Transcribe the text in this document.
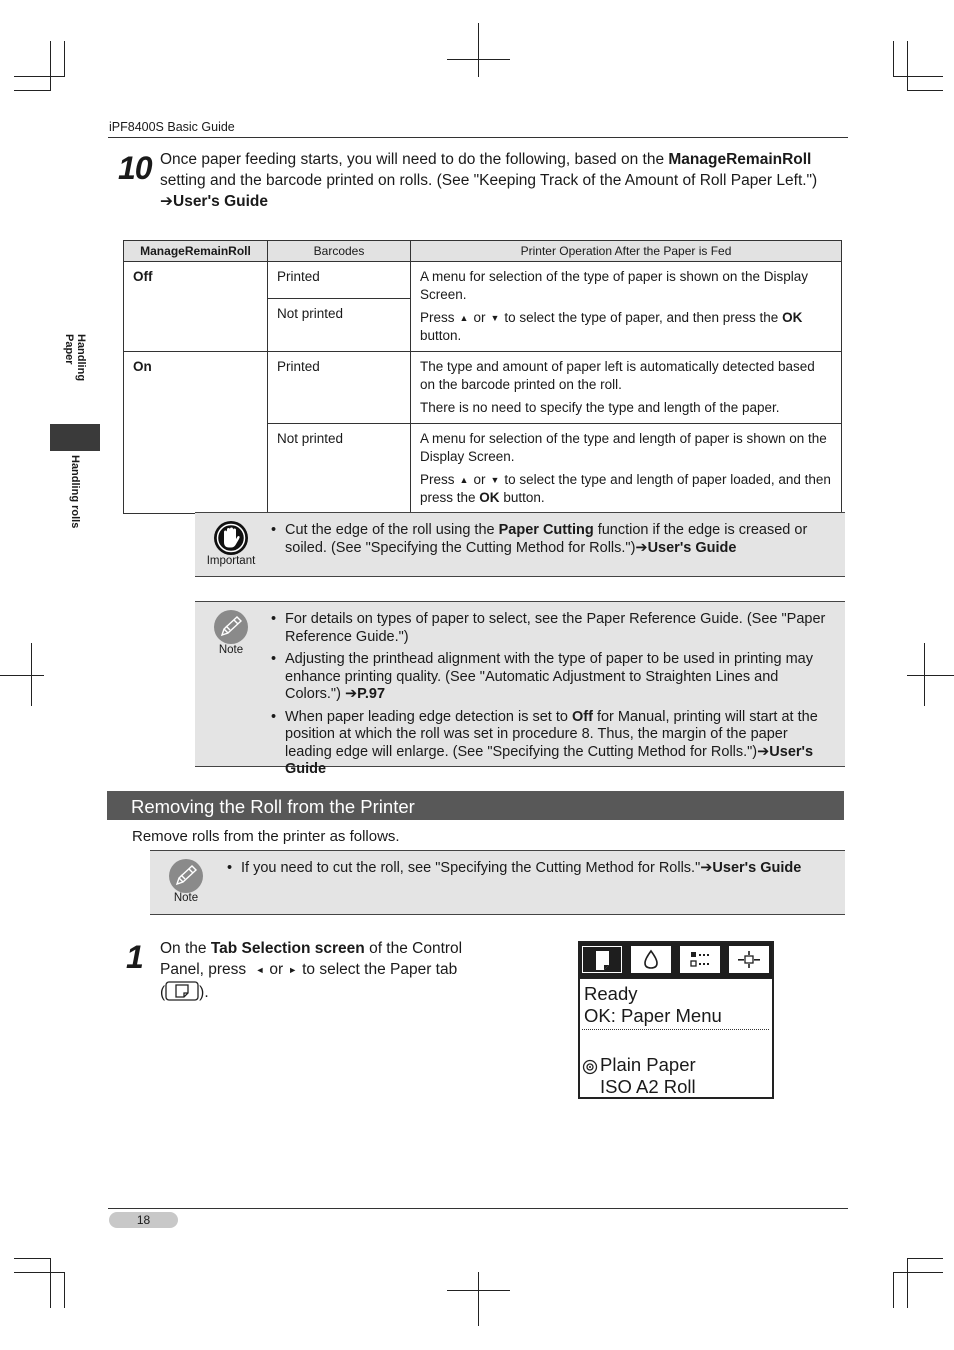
iPF8400S Basic Guide
Handling Paper
Handling rolls
10 Once paper feeding starts, you will need to do the following, based on the ManageRemainRoll setting and the barcode printed on rolls. (See "Keeping Track of the Amount of Roll Paper Left.")
➔User's Guide
ManageRemainRoll	Barcodes	Printer Operation After the Paper is Fed
Off	Printed	A menu for selection of the type of paper is shown on the Display Screen.

Press ▲ or ▼ to select the type of paper, and then press the OK button.

	Not printed	
On	Printed	The type and amount of paper left is automatically detected based on the barcode printed on the roll.

There is no need to specify the type and length of the paper.

	Not printed	A menu for selection of the type and length of paper is shown on the Display Screen.

Press ▲ or ▼ to select the type and length of paper loaded, and then press the OK button.

Important
• Cut the edge of the roll using the Paper Cutting function if the edge is creased or soiled. (See "Specifying the Cutting Method for Rolls.")➔User's Guide
Note
• For details on types of paper to select, see the Paper Reference Guide. (See "Paper Reference Guide.")
• Adjusting the printhead alignment with the type of paper to be used in printing may enhance printing quality. (See "Automatic Adjustment to Straighten Lines and Colors.") ➔P.97
• When paper leading edge detection is set to Off for Manual, printing will start at the position at which the roll was set in procedure 8. Thus, the margin of the paper leading edge will enlarge. (See "Specifying the Cutting Method for Rolls.")➔User's Guide
Removing the Roll from the Printer
Remove rolls from the printer as follows.
Note
• If you need to cut the roll, see "Specifying the Cutting Method for Rolls."➔User's Guide
1 On the Tab Selection screen of the Control Panel, press ◄ or ► to select the Paper tab
( ).	Ready
OK: Paper Menu
Plain Paper
ISO A2 Roll
18
